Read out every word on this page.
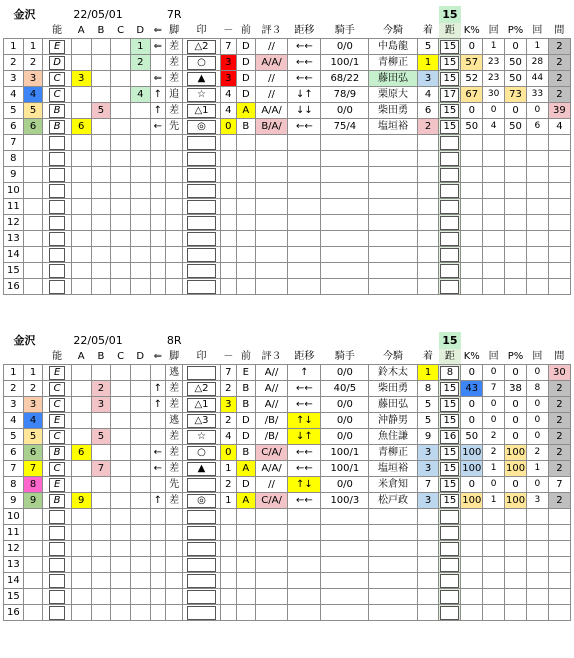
金沢			22/05/01					7R									15					
		能	A	B	C	D	⇐	脚	印	－	前	評３	距移	騎手	今騎	着	距	K%	回	P%	回	間
1	1	E				1	⇐	差	△2	7	D	//	←←	0/0	中島龍	5	15	0	1	0	1	2
2	2	D				2		差	○	3	D	A/A/	←←	100/1	青柳正	1	15	57	23	50	28	2
3	3	C	3				⇐	差	▲	3	D	//	←←	68/22	藤田弘	3	15	52	23	50	44	2
4	4	C				4	↑	追	☆	4	D	//	↓↑	78/9	栗原大	4	17	67	30	73	33	2
5	5	B		5			↑	差	△1	4	A	A/A/	↓↓	0/0	柴田勇	6	15	0	0	0	0	39
6	6	B	6				←	先	◎	0	B	B/A/	←←	75/4	塩垣裕	2	15	50	4	50	6	4
7		

8		

9		

10		

11		

12		

13		

14		

15		

16		

金沢			22/05/01					8R									15					
		能	A	B	C	D	⇐	脚	印	－	前	評３	距移	騎手	今騎	着	距	K%	回	P%	回	間
1	1	E						逃		7	E	A//	↑	0/0	鈴木太	1	8	0	0	0	0	30
2	2	C		2			↑	差	△2	2	B	A//	←←	40/5	柴田勇	8	15	43	7	38	8	2
3	3	C		3			↑	差	△1	3	B	A//	←←	0/0	藤田弘	5	15	0	0	0	0	2
4	4	E						逃	△3	2	D	/B/	↑↓	0/0	沖静男	5	15	0	0	0	0	2
5	5	C		5				差	☆	4	D	/B/	↓↑	0/0	魚住謙	9	16	50	2	0	0	2
6	6	B	6				←	差	○	0	B	C/A/	←←	100/1	青柳正	3	15	100	2	100	2	2
7	7	C		7			←	差	▲	1	A	A/A/	←←	100/1	塩垣裕	3	15	100	1	100	1	2
8	8	E						先		2	D	//	↑↓	0/0	米倉知	7	15	0	0	0	0	7
9	9	B	9				↑	差	◎	1	A	C/A/	←←	100/3	松戸政	3	15	100	1	100	3	2
10		

11		

12		

13		

14		

15		

16		
